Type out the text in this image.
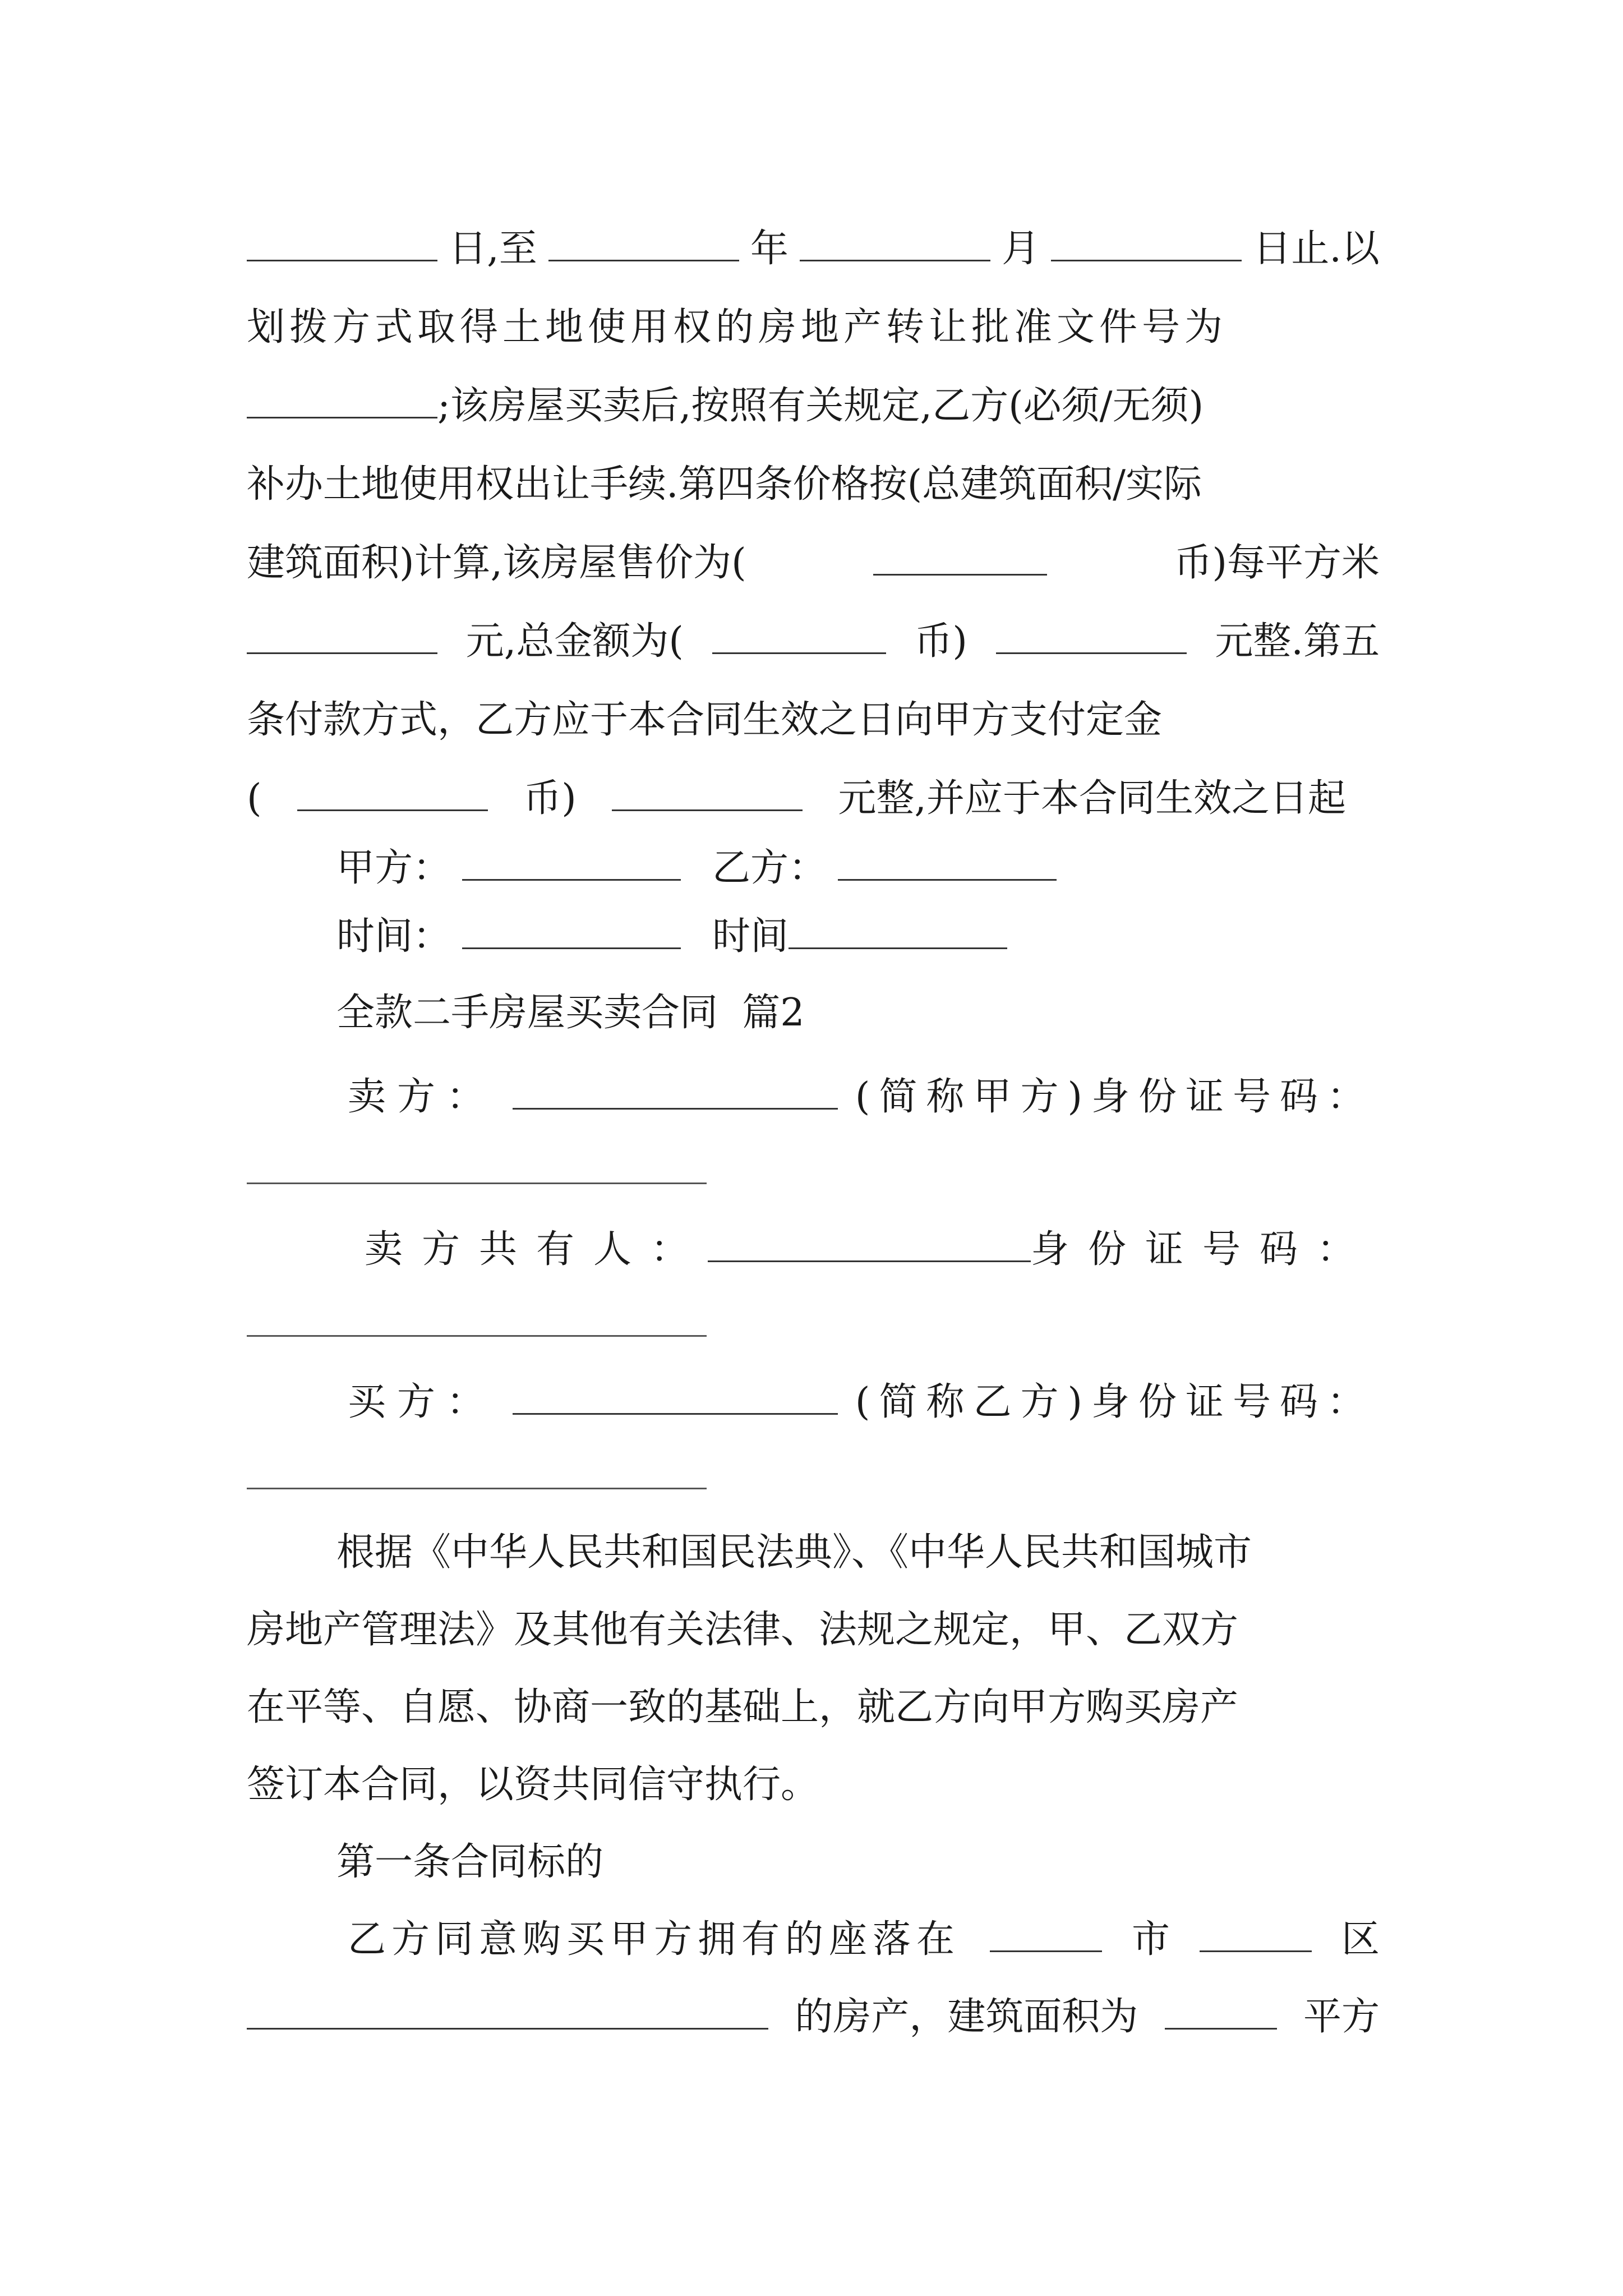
日,至	年	月	日止.以
划拨方式取得土地使用权的房地产转让批准文件号为
;该房屋买卖后,按照有关规定,乙方(必须/无须)
补办土地使用权出让手续.第四条价格按(总建筑面积/实际
建筑面积)计算,该房屋售价为(	币)每平方米
元,总金额为(	币)	元整.第五
条付款方式，乙方应于本合同生效之日向甲方支付定金
(	币)	元整,并应于本合同生效之日起
甲方：	乙方：
时间：	时间
全款二手房屋买卖合同  篇2
卖方：	(简称甲方)身份证号码：
卖方共有人：	身份证号码：
买方：	(简称乙方)身份证号码：
根据《中华人民共和国民法典》、《中华人民共和国城市
房地产管理法》及其他有关法律、法规之规定，甲、乙双方
在平等、自愿、协商一致的基础上，就乙方向甲方购买房产
签订本合同，以资共同信守执行。
第一条合同标的
乙方同意购买甲方拥有的座落在	市	区
的房产，建筑面积为	平方
